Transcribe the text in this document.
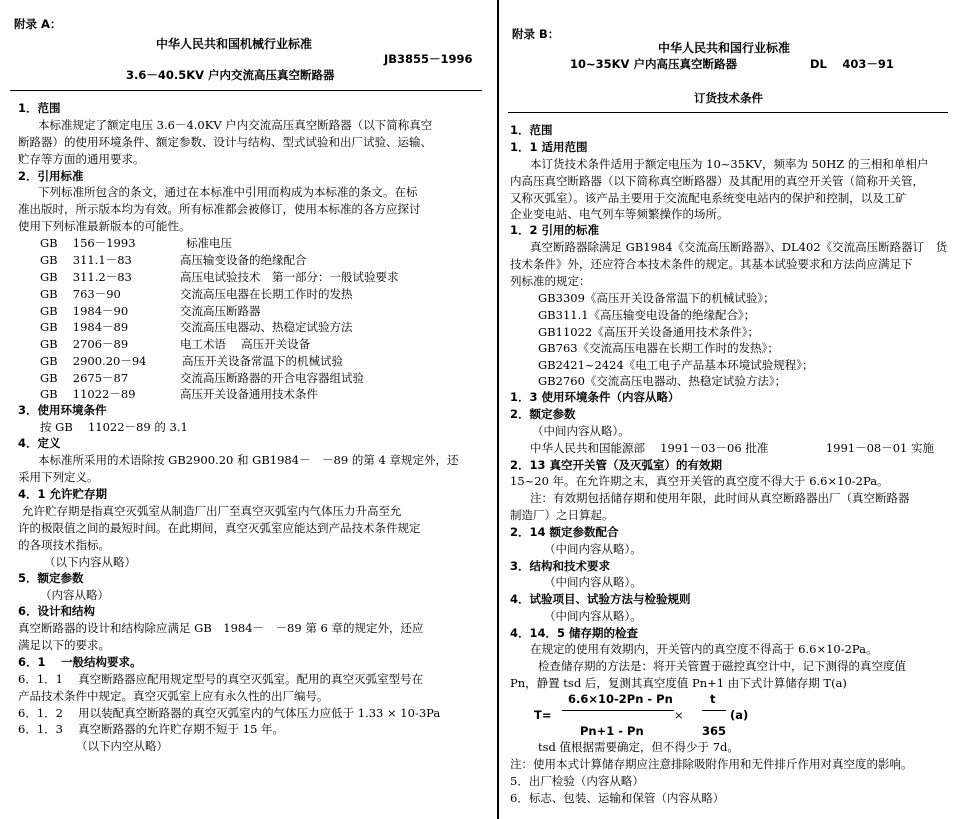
附录 A：
中华人民共和国机械行业标准
JB3855－1996
3.6－40.5KV 户内交流高压真空断路器
1．范围
本标准规定了额定电压 3.6－4.0KV 户内交流高压真空断路器（以下简称真空
断路器）的使用环境条件、额定参数、设计与结构、型式试验和出厂试验、运输、
贮存等方面的通用要求。
2．引用标准
下列标准所包含的条文，通过在本标准中引用而构成为本标准的条文。在标
准出版时，所示版本均为有效。所有标准都会被修订，使用本标准的各方应探讨
使用下列标准最新版本的可能性。
GB　 156－1993	标准电压
GB　 311.1－83	高压输变设备的绝缘配合
GB　 311.2－83	高压电试验技术　第一部分：一般试验要求
GB　 763－90	交流高压电器在长期工作时的发热
GB　 1984－90	交流高压断路器
GB　 1984－89	交流高压电器动、热稳定试验方法
GB　 2706－89	电工术语　 高压开关设备
GB　 2900.20－94	高压开关设备常温下的机械试验
GB　 2675－87	交流高压断路器的开合电容器组试验
GB　 11022－89	高压开关设备通用技术条件
3．使用环境条件
按 GB　 11022－89 的 3.1
4．定义
本标准所采用的术语除按 GB2900.20 和 GB1984－　－89 的第 4 章规定外，还
采用下列定义。
4．1 允许贮存期
允许贮存期是指真空灭弧室从制造厂出厂至真空灭弧室内气体压力升高至允
许的极限值之间的最短时间。在此期间，真空灭弧室应能达到产品技术条件规定
的各项技术指标。
（以下内容从略）
5．额定参数
（内容从略）
6．设计和结构
真空断路器的设计和结构除应满足 GB　1984－　－89 第 6 章的规定外，还应
满足以下的要求。
6．1　 一般结构要求。
6．1．1　 真空断路器应配用规定型号的真空灭弧室。配用的真空灭弧室型号在
产品技术条件中规定。真空灭弧室上应有永久性的出厂编号。
6．1．2　 用以装配真空断路器的真空灭弧室内的气体压力应低于 1.33 × 10-3Pa
6．1．3　 真空断路器的允许贮存期不短于 15 年。
（以下内空从略）
附录 B：
中华人民共和国行业标准
10~35KV 户内高压真空断路器	DL　 403－91
订货技术条件
1．范围
1．1 适用范围
本订货技术条件适用于额定电压为 10~35KV，频率为 50HZ 的三相和单相户
内高压真空断路器（以下简称真空断路器）及其配用的真空开关管（简称开关管，
又称灭弧室）。该产品主要用于交流配电系统变电站内的保护和控制，以及工矿
企业变电站、电气列车等频繁操作的场所。
1．2 引用的标准
真空断路器除满足 GB1984《交流高压断路器》、DL402《交流高压断路器订　货
技术条件》外，还应符合本技术条件的规定。其基本试验要求和方法尚应满足下
列标准的规定：
GB3309《高压开关设备常温下的机械试验》；
GB311.1《高压输变电设备的绝缘配合》；
GB11022《高压开关设备通用技术条件》；
GB763《交流高压电器在长期工作时的发热》；
GB2421~2424《电工电子产品基本环境试验规程》；
GB2760《交流高压电器动、热稳定试验方法》；
1．3 使用环境条件（内容从略）
2．额定参数
（中间内容从略）。
中华人民共和国能源部　 1991－03－06 批准　　　　　1991－08－01 实施
2．13 真空开关管（及灭弧室）的有效期
15~20 年。在允许期之末，真空开关管的真空度不得大于 6.6×10-2Pa。
注：有效期包括储存期和使用年限，此时间从真空断路器出厂（真空断路器
制造厂）之日算起。
2．14 额定参数配合
（中间内容从略）。
3．结构和技术要求
（中间内容从略）。
4．试验项目、试验方法与检验规则
（中间内容从略）。
4．14．5 储存期的检查
在规定的使用有效期内，开关管内的真空度不得高于 6.6×10-2Pa。
检查储存期的方法是：将开关管置于磁控真空计中，记下测得的真空度值
Pn，静置 tsd 后，复测其真空度值 Pn+1 由下式计算储存期 T(a)
T=
6.6×10-2Pn - Pn
Pn+1 - Pn
×
t
365
(a)
tsd 值根据需要确定，但不得少于 7d。
注：使用本式计算储存期应注意排除吸附作用和无件排斤作用对真空度的影响。
5．出厂检验（内容从略）
6．标志、包装、运输和保管（内容从略）
